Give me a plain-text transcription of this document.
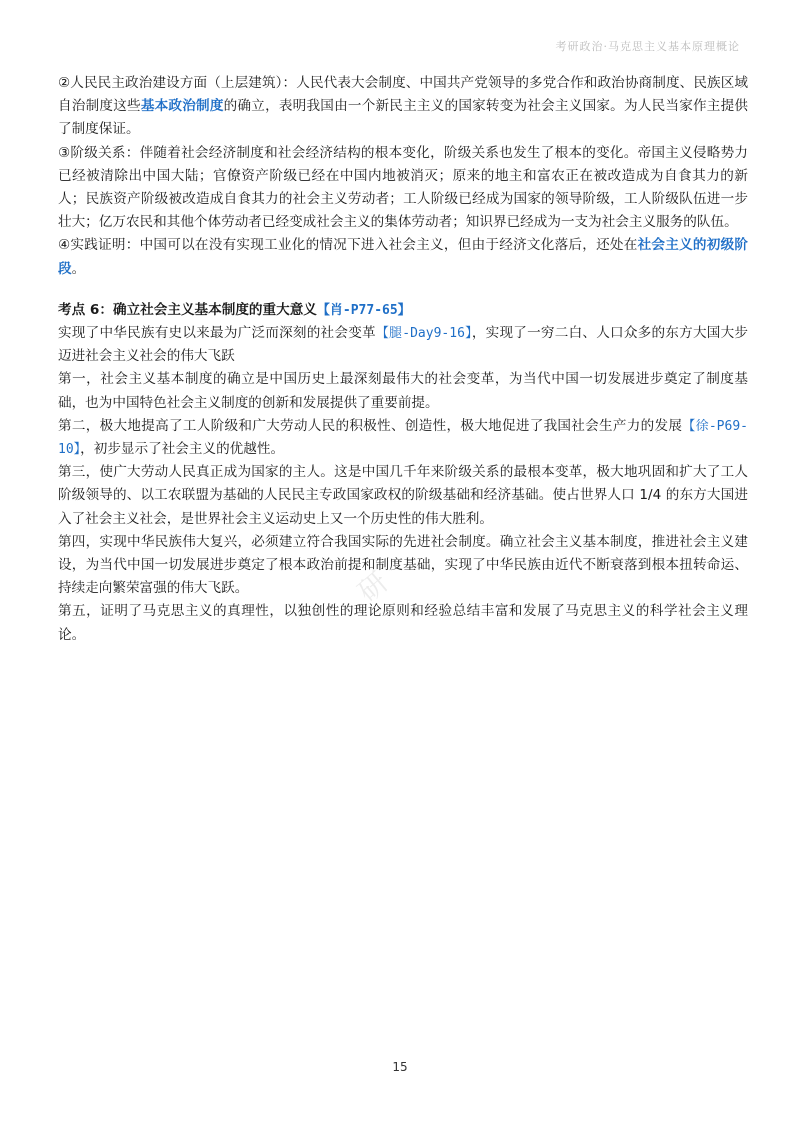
考研政治·马克思主义基本原理概论

②人民民主政治建设方面（上层建筑）：人民代表大会制度、中国共产党领导的多党合作和政治协商制度、民族区域自治制度这些基本政治制度的确立，表明我国由一个新民主主义的国家转变为社会主义国家。为人民当家作主提供了制度保证。

③阶级关系：伴随着社会经济制度和社会经济结构的根本变化，阶级关系也发生了根本的变化。帝国主义侵略势力已经被清除出中国大陆；官僚资产阶级已经在中国内地被消灭；原来的地主和富农正在被改造成为自食其力的新人；民族资产阶级被改造成自食其力的社会主义劳动者；工人阶级已经成为国家的领导阶级，工人阶级队伍进一步壮大；亿万农民和其他个体劳动者已经变成社会主义的集体劳动者；知识界已经成为一支为社会主义服务的队伍。

④实践证明：中国可以在没有实现工业化的情况下进入社会主义，但由于经济文化落后，还处在社会主义的初级阶段。

考点 6：确立社会主义基本制度的重大意义【肖-P77-65】

实现了中华民族有史以来最为广泛而深刻的社会变革【腿-Day9-16】，实现了一穷二白、人口众多的东方大国大步迈进社会主义社会的伟大飞跃

第一，社会主义基本制度的确立是中国历史上最深刻最伟大的社会变革，为当代中国一切发展进步奠定了制度基础，也为中国特色社会主义制度的创新和发展提供了重要前提。

第二，极大地提高了工人阶级和广大劳动人民的积极性、创造性，极大地促进了我国社会生产力的发展【徐-P69-10】，初步显示了社会主义的优越性。

第三，使广大劳动人民真正成为国家的主人。这是中国几千年来阶级关系的最根本变革，极大地巩固和扩大了工人阶级领导的、以工农联盟为基础的人民民主专政国家政权的阶级基础和经济基础。使占世界人口 1/4 的东方大国进入了社会主义社会，是世界社会主义运动史上又一个历史性的伟大胜利。

第四，实现中华民族伟大复兴，必须建立符合我国实际的先进社会制度。确立社会主义基本制度，推进社会主义建设，为当代中国一切发展进步奠定了根本政治前提和制度基础，实现了中华民族由近代不断衰落到根本扭转命运、持续走向繁荣富强的伟大飞跃。

第五，证明了马克思主义的真理性，以独创性的理论原则和经验总结丰富和发展了马克思主义的科学社会主义理论。

研
15
